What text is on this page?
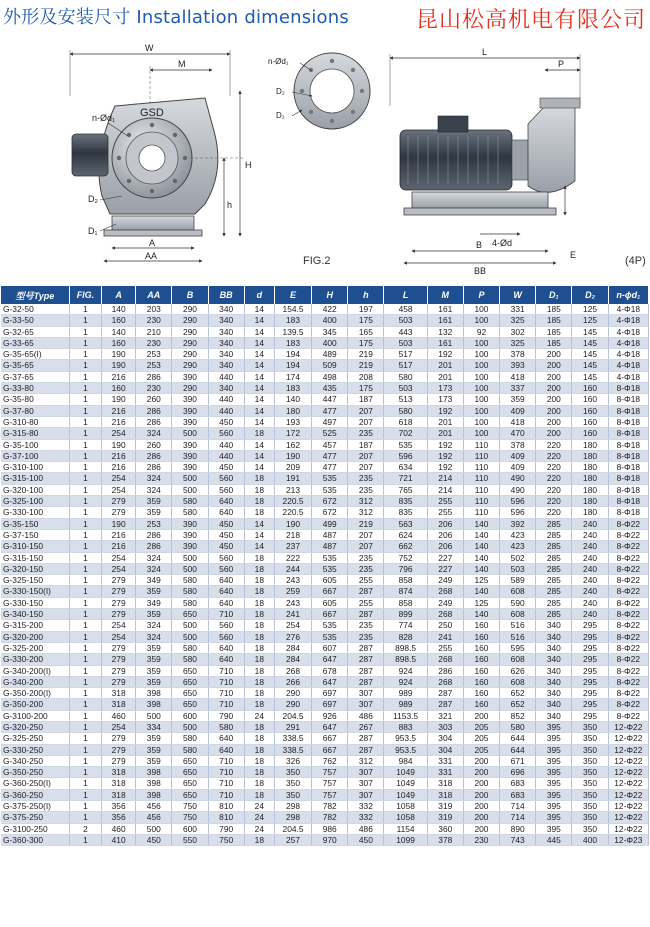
外形及安装尺寸 Installation dimensions	昆山松高机电有限公司
W
M
n-Ød₁ GSD
H
h
D₂
D₁
A
AA
n-Ød₁
D₂
D₁
L
P
4-Ød
B
BB
E
FIG.2	(4P)
型号Type	FIG.	A	AA	B	BB	d	E	H	h	L	M	P	W	D₁	D₂	n-ϕd₁
G-32-50	1	140	203	290	340	14	154.5	422	197	458	161	100	331	185	125	4-Φ18
G-33-50	1	160	230	290	340	14	183	400	175	503	161	100	325	185	125	4-Φ18
G-32-65	1	140	210	290	340	14	139.5	345	165	443	132	92	302	185	145	4-Φ18
G-33-65	1	160	230	290	340	14	183	400	175	503	161	100	325	185	145	4-Φ18
G-35-65(I)	1	190	253	290	340	14	194	489	219	517	192	100	378	200	145	4-Φ18
G-35-65	1	190	253	290	340	14	194	509	219	517	201	100	393	200	145	4-Φ18
G-37-65	1	216	286	390	440	14	174	498	208	580	201	100	418	200	145	4-Φ18
G-33-80	1	160	230	290	340	14	183	435	175	503	173	100	337	200	160	8-Φ18
G-35-80	1	190	260	390	440	14	140	447	187	513	173	100	359	200	160	8-Φ18
G-37-80	1	216	286	390	440	14	180	477	207	580	192	100	409	200	160	8-Φ18
G-310-80	1	216	286	390	450	14	193	497	207	618	201	100	418	200	160	8-Φ18
G-315-80	1	254	324	500	560	18	172	525	235	702	201	100	470	200	160	8-Φ18
G-35-100	1	190	260	390	440	14	162	457	187	535	192	110	378	220	180	8-Φ18
G-37-100	1	216	286	390	440	14	190	477	207	596	192	110	409	220	180	8-Φ18
G-310-100	1	216	286	390	450	14	209	477	207	634	192	110	409	220	180	8-Φ18
G-315-100	1	254	324	500	560	18	191	535	235	721	214	110	490	220	180	8-Φ18
G-320-100	1	254	324	500	560	18	213	535	235	765	214	110	490	220	180	8-Φ18
G-325-100	1	279	359	580	640	18	220.5	672	312	835	255	110	596	220	180	8-Φ18
G-330-100	1	279	359	580	640	18	220.5	672	312	835	255	110	596	220	180	8-Φ18
G-35-150	1	190	253	390	450	14	190	499	219	563	206	140	392	285	240	8-Φ22
G-37-150	1	216	286	390	450	14	218	487	207	624	206	140	423	285	240	8-Φ22
G-310-150	1	216	286	390	450	14	237	487	207	662	206	140	423	285	240	8-Φ22
G-315-150	1	254	324	500	560	18	222	535	235	752	227	140	502	285	240	8-Φ22
G-320-150	1	254	324	500	560	18	244	535	235	796	227	140	503	285	240	8-Φ22
G-325-150	1	279	349	580	640	18	243	605	255	858	249	125	589	285	240	8-Φ22
G-330-150(I)	1	279	359	580	640	18	259	667	287	874	268	140	608	285	240	8-Φ22
G-330-150	1	279	349	580	640	18	243	605	255	858	249	125	590	285	240	8-Φ22
G-340-150	1	279	359	650	710	18	241	667	287	899	268	140	608	285	240	8-Φ22
G-315-200	1	254	324	500	560	18	254	535	235	774	250	160	516	340	295	8-Φ22
G-320-200	1	254	324	500	560	18	276	535	235	828	241	160	516	340	295	8-Φ22
G-325-200	1	279	359	580	640	18	284	607	287	898.5	255	160	595	340	295	8-Φ22
G-330-200	1	279	359	580	640	18	284	647	287	898.5	268	160	608	340	295	8-Φ22
G-340-200(I)	1	279	359	650	710	18	268	678	287	924	286	160	626	340	295	8-Φ22
G-340-200	1	279	359	650	710	18	266	647	287	924	268	160	608	340	295	8-Φ22
G-350-200(I)	1	318	398	650	710	18	290	697	307	989	287	160	652	340	295	8-Φ22
G-350-200	1	318	398	650	710	18	290	697	307	989	287	160	652	340	295	8-Φ22
G-3100-200	1	460	500	600	790	24	204.5	926	486	1153.5	321	200	852	340	295	8-Φ22
G-320-250	1	254	334	500	580	18	291	647	267	883	303	205	580	395	350	12-Φ22
G-325-250	1	279	359	580	640	18	338.5	667	287	953.5	304	205	644	395	350	12-Φ22
G-330-250	1	279	359	580	640	18	338.5	667	287	953.5	304	205	644	395	350	12-Φ22
G-340-250	1	279	359	650	710	18	326	762	312	984	331	200	671	395	350	12-Φ22
G-350-250	1	318	398	650	710	18	350	757	307	1049	331	200	696	395	350	12-Φ22
G-360-250(I)	1	318	398	650	710	18	350	757	307	1049	318	200	683	395	350	12-Φ22
G-360-250	1	318	398	650	710	18	350	757	307	1049	318	200	683	395	350	12-Φ22
G-375-250(I)	1	356	456	750	810	24	298	782	332	1058	319	200	714	395	350	12-Φ22
G-375-250	1	356	456	750	810	24	298	782	332	1058	319	200	714	395	350	12-Φ22
G-3100-250	2	460	500	600	790	24	204.5	986	486	1154	360	200	890	395	350	12-Φ22
G-360-300	1	410	450	550	750	18	257	970	450	1099	378	230	743	445	400	12-Φ23
